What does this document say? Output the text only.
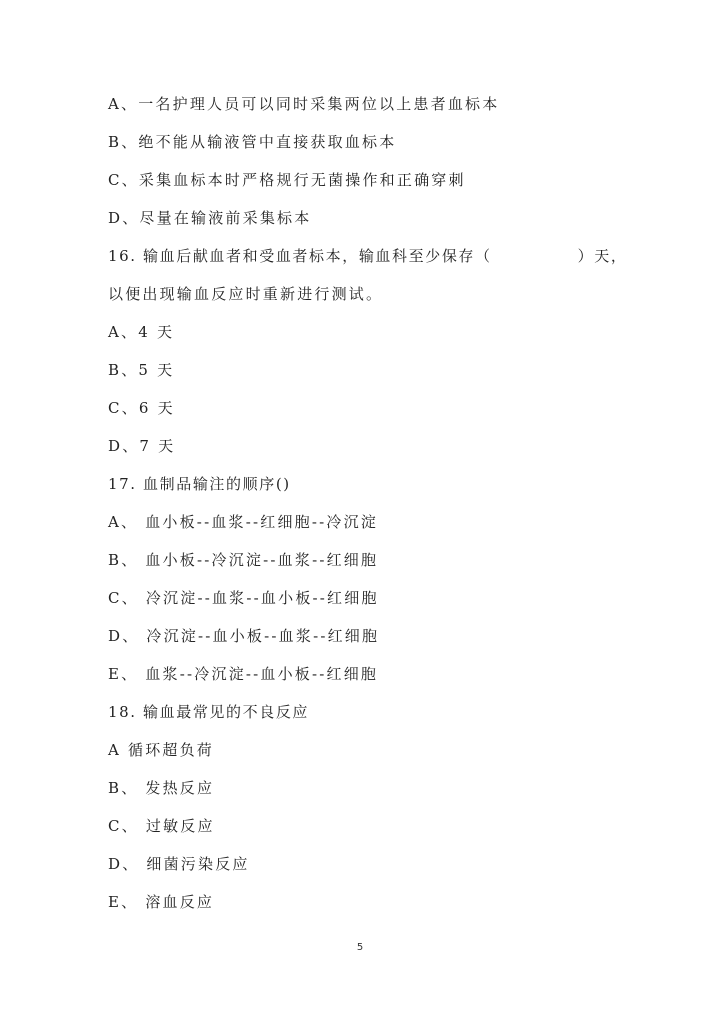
A、一名护理人员可以同时采集两位以上患者血标本
B、绝不能从输液管中直接获取血标本
C、采集血标本时严格规行无菌操作和正确穿刺
D、尽量在输液前采集标本
16. 输血后献血者和受血者标本，输血科至少保存（	）天，
以便出现输血反应时重新进行测试。
A、4 天
B、5 天
C、6 天
D、7 天
17. 血制品输注的顺序()
A、 血小板--血浆--红细胞--冷沉淀
B、 血小板--冷沉淀--血浆--红细胞
C、 冷沉淀--血浆--血小板--红细胞
D、 冷沉淀--血小板--血浆--红细胞
E、 血浆--冷沉淀--血小板--红细胞
18. 输血最常见的不良反应
A 循环超负荷
B、 发热反应
C、 过敏反应
D、 细菌污染反应
E、 溶血反应
5
